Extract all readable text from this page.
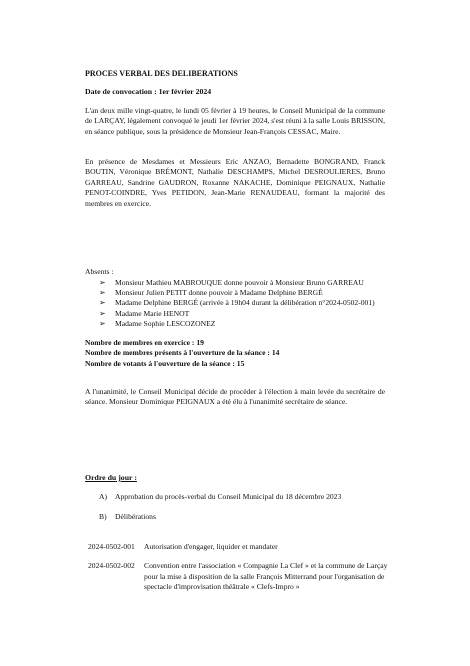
PROCES VERBAL DES DELIBERATIONS
Date de convocation : 1er février 2024
L'an deux mille vingt-quatre, le lundi 05 février à 19 heures, le Conseil Municipal de la commune de LARÇAY, légalement convoqué le jeudi 1er février 2024, s'est réuni à la salle Louis BRISSON, en séance publique, sous la présidence de Monsieur Jean-François CESSAC, Maire.
En présence de Mesdames et Messieurs Eric ANZAO, Bernadette BONGRAND, Franck BOUTIN, Véronique BRÉMONT, Nathalie DESCHAMPS, Michel DESROULIERES, Bruno GARREAU, Sandrine GAUDRON, Roxanne NAKACHE, Dominique PEIGNAUX, Nathalie PENOT-COINDRE, Yves PETIDON, Jean-Marie RENAUDEAU, formant la majorité des membres en exercice.
Absents :
➢ Monsieur Mathieu MABROUQUE donne pouvoir à Monsieur Bruno GARREAU
➢ Monsieur Julien PETIT donne pouvoir à Madame Delphine BERGÉ
➢ Madame Delphine BERGÉ (arrivée à 19h04 durant la délibération n°2024-0502-001)
➢ Madame Marie HENOT
➢ Madame Sophie LESCOZONEZ
Nombre de membres en exercice : 19
Nombre de membres présents à l'ouverture de la séance : 14
Nombre de votants à l'ouverture de la séance : 15
A l'unanimité, le Conseil Municipal décide de procéder à l'élection à main levée du secrétaire de séance. Monsieur Dominique PEIGNAUX a été élu à l'unanimité secrétaire de séance.
Ordre du jour :
A) Approbation du procès-verbal du Conseil Municipal du 18 décembre 2023
B) Délibérations
2024-0502-001	Autorisation d'engager, liquider et mandater
2024-0502-002	Convention entre l'association « Compagnie La Clef » et la commune de Larçay pour la mise à disposition de la salle François Mitterrand pour l'organisation de spectacle d'improvisation théâtrale « Clefs-Impro »
